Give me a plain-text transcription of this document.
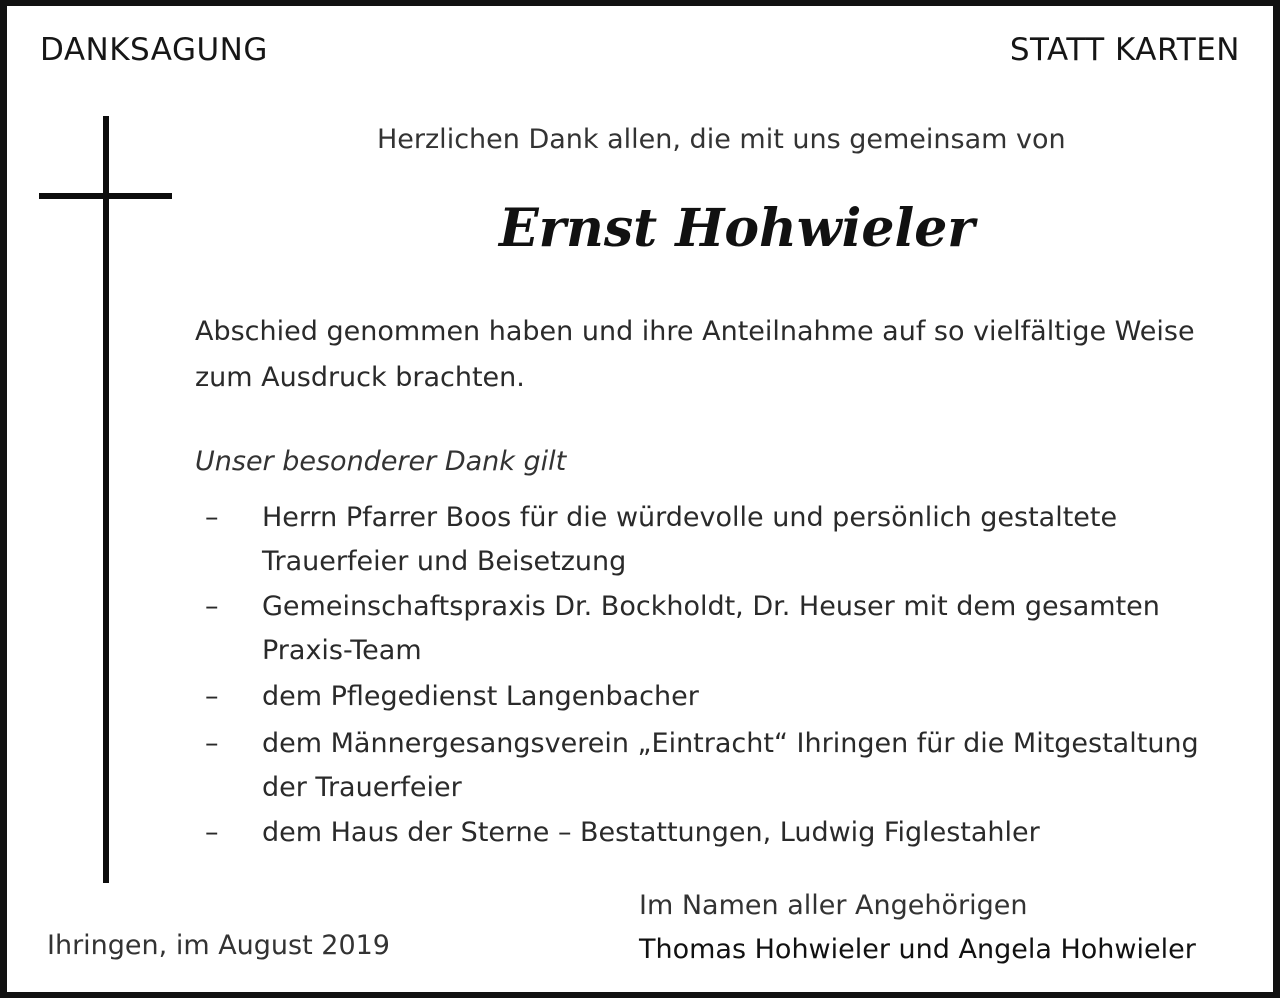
DANKSAGUNG	STATT KARTEN
Herzlichen Dank allen, die mit uns gemeinsam von
Ernst Hohwieler
Abschied genommen haben und ihre Anteilnahme auf so vielfältige Weise
zum Ausdruck brachten.
Unser besonderer Dank gilt
– Herrn Pfarrer Boos für die würdevolle und persönlich gestaltete
Trauerfeier und Beisetzung
– Gemeinschaftspraxis Dr. Bockholdt, Dr. Heuser mit dem gesamten
Praxis-Team
– dem Pflegedienst Langenbacher
– dem Männergesangsverein „Eintracht“ Ihringen für die Mitgestaltung
der Trauerfeier
– dem Haus der Sterne – Bestattungen, Ludwig Figlestahler
Im Namen aller Angehörigen
Ihringen, im August 2019	Thomas Hohwieler und Angela Hohwieler
